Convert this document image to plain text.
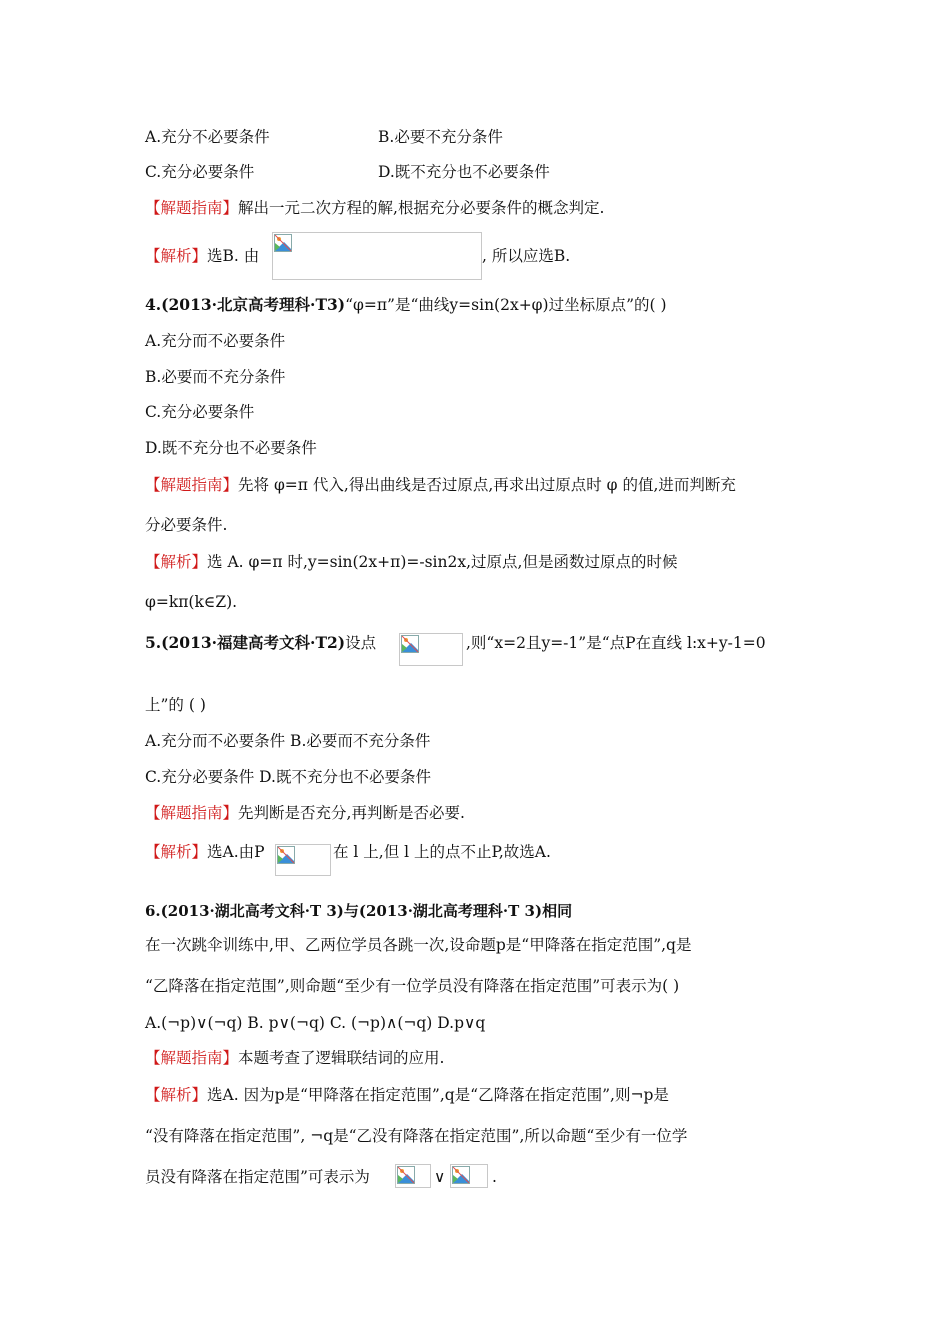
A.充分不必要条件	B.必要不充分条件
C.充分必要条件	D.既不充分也不必要条件
【解题指南】解出一元二次方程的解,根据充分必要条件的概念判定.
【解析】选B. 由	, 所以应选B.
4.(2013·北京高考理科·T3)“φ=π”是“曲线y=sin(2x+φ)过坐标原点”的( )
A.充分而不必要条件
B.必要而不充分条件
C.充分必要条件
D.既不充分也不必要条件
【解题指南】先将 φ=π 代入,得出曲线是否过原点,再求出过原点时 φ 的值,进而判断充
分必要条件.
【解析】选 A. φ=π 时,y=sin(2x+π)=-sin2x,过原点,但是函数过原点的时候
φ=kπ(k∈Z).
5.(2013·福建高考文科·T2)设点	,则“x=2且y=-1”是“点P在直线 l:x+y-1=0
上”的 ( )
A.充分而不必要条件 B.必要而不充分条件
C.充分必要条件 D.既不充分也不必要条件
【解题指南】先判断是否充分,再判断是否必要.
【解析】选A.由P	在 l 上,但 l 上的点不止P,故选A.
6.(2013·湖北高考文科·T 3)与(2013·湖北高考理科·T 3)相同
在一次跳伞训练中,甲、乙两位学员各跳一次,设命题p是“甲降落在指定范围”,q是
“乙降落在指定范围”,则命题“至少有一位学员没有降落在指定范围”可表示为( )
A.(¬p)∨(¬q) B. p∨(¬q) C. (¬p)∧(¬q) D.p∨q
【解题指南】本题考查了逻辑联结词的应用.
【解析】选A. 因为p是“甲降落在指定范围”,q是“乙降落在指定范围”,则¬p是
“没有降落在指定范围”, ¬q是“乙没有降落在指定范围”,所以命题“至少有一位学
员没有降落在指定范围”可表示为	∨	.
